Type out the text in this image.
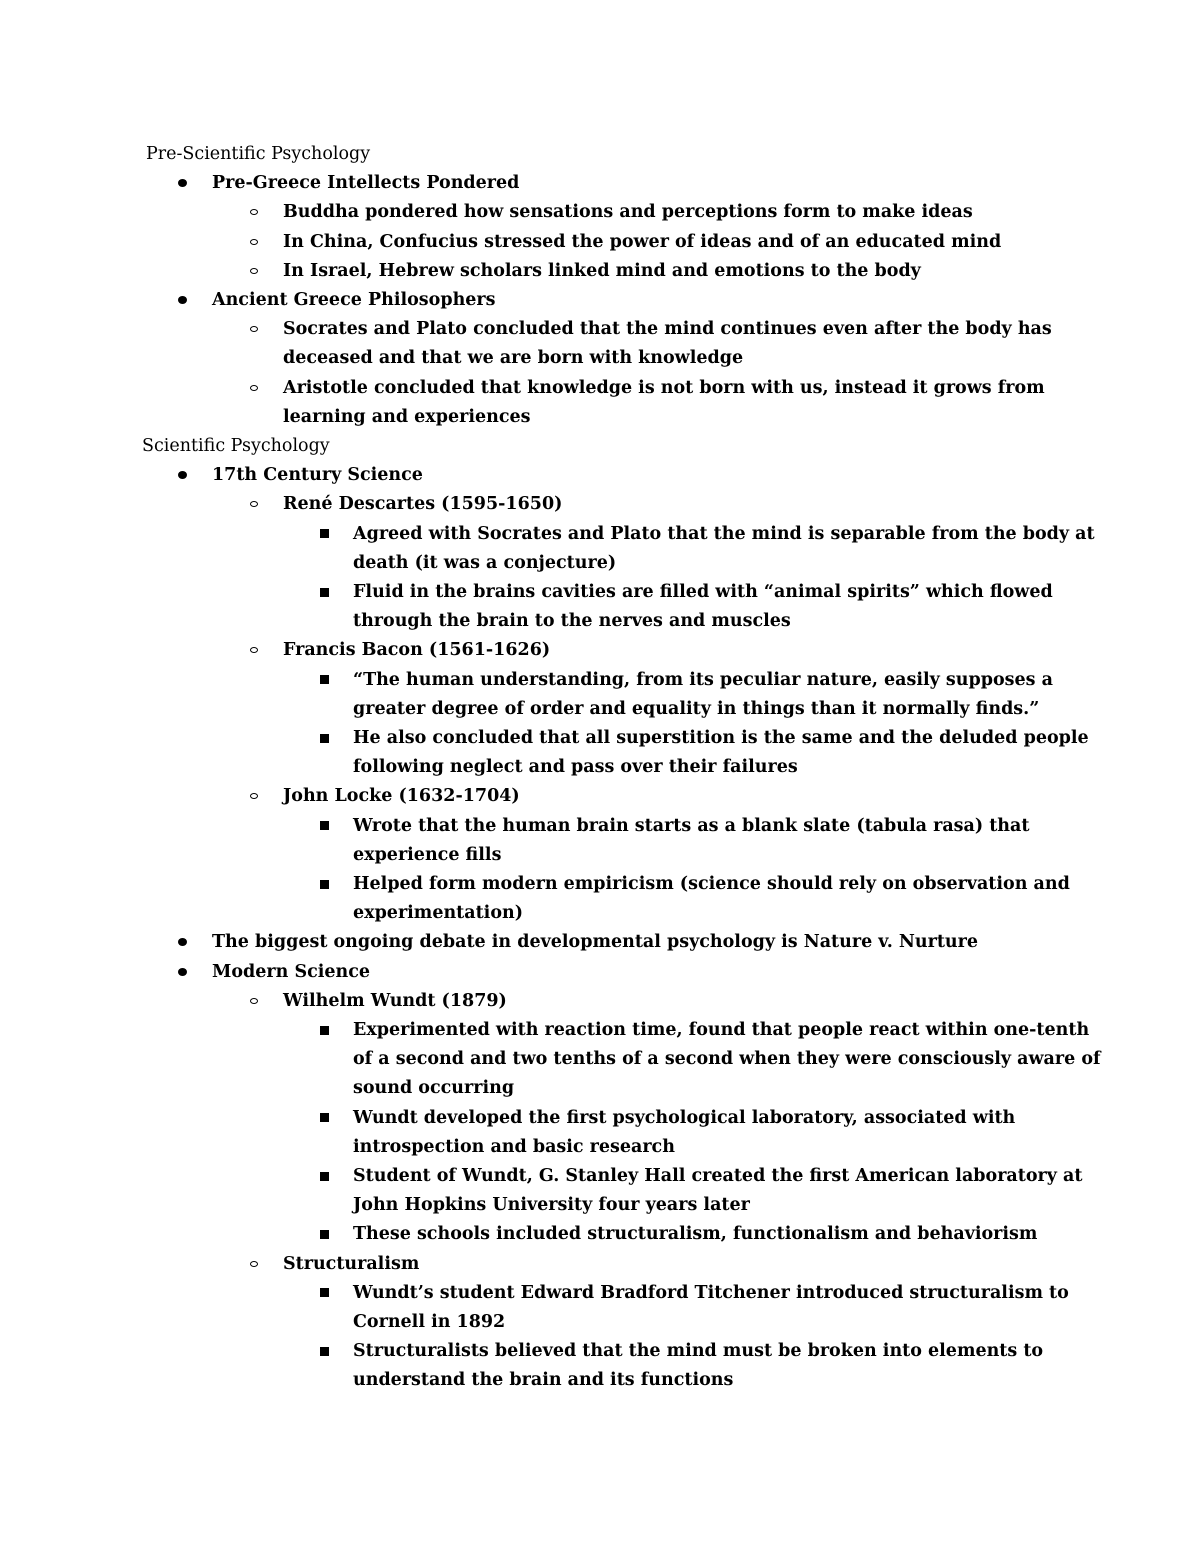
Pre-Scientific Psychology
Pre-Greece Intellects Pondered
Buddha pondered how sensations and perceptions form to make ideas
In China, Confucius stressed the power of ideas and of an educated mind
In Israel, Hebrew scholars linked mind and emotions to the body
Ancient Greece Philosophers
Socrates and Plato concluded that the mind continues even after the body has
deceased and that we are born with knowledge
Aristotle concluded that knowledge is not born with us, instead it grows from
learning and experiences
Scientific Psychology
17th Century Science
René Descartes (1595-1650)
Agreed with Socrates and Plato that the mind is separable from the body at
death (it was a conjecture)
Fluid in the brains cavities are filled with “animal spirits” which flowed
through the brain to the nerves and muscles
Francis Bacon (1561-1626)
“The human understanding, from its peculiar nature, easily supposes a
greater degree of order and equality in things than it normally finds.”
He also concluded that all superstition is the same and the deluded people
following neglect and pass over their failures
John Locke (1632-1704)
Wrote that the human brain starts as a blank slate (tabula rasa) that
experience fills
Helped form modern empiricism (science should rely on observation and
experimentation)
The biggest ongoing debate in developmental psychology is Nature v. Nurture
Modern Science
Wilhelm Wundt (1879)
Experimented with reaction time, found that people react within one-tenth
of a second and two tenths of a second when they were consciously aware of
sound occurring
Wundt developed the first psychological laboratory, associated with
introspection and basic research
Student of Wundt, G. Stanley Hall created the first American laboratory at
John Hopkins University four years later
These schools included structuralism, functionalism and behaviorism
Structuralism
Wundt’s student Edward Bradford Titchener introduced structuralism to
Cornell in 1892
Structuralists believed that the mind must be broken into elements to
understand the brain and its functions
